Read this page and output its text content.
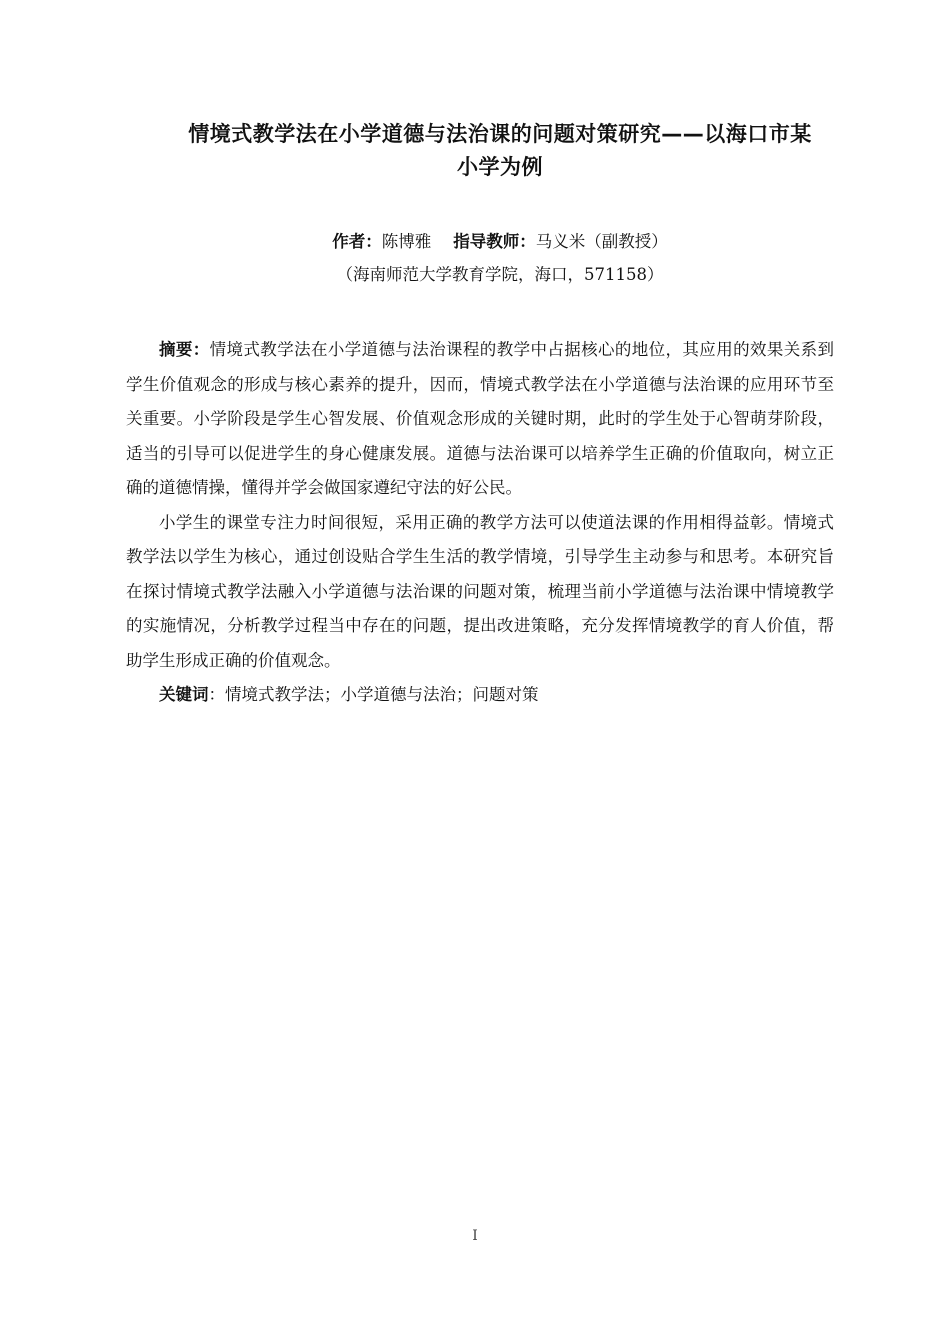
情境式教学法在小学道德与法治课的问题对策研究——以海口市某
小学为例
作者：陈博雅 指导教师：马义米（副教授）
（海南师范大学教育学院，海口，571158）

摘要：情境式教学法在小学道德与法治课程的教学中占据核心的地位，其应用的效果关系到学生价值观念的形成与核心素养的提升，因而，情境式教学法在小学道德与法治课的应用环节至关重要。小学阶段是学生心智发展、价值观念形成的关键时期，此时的学生处于心智萌芽阶段，适当的引导可以促进学生的身心健康发展。道德与法治课可以培养学生正确的价值取向，树立正确的道德情操，懂得并学会做国家遵纪守法的好公民。

小学生的课堂专注力时间很短，采用正确的教学方法可以使道法课的作用相得益彰。情境式教学法以学生为核心，通过创设贴合学生生活的教学情境，引导学生主动参与和思考。本研究旨在探讨情境式教学法融入小学道德与法治课的问题对策，梳理当前小学道德与法治课中情境教学的实施情况，分析教学过程当中存在的问题，提出改进策略，充分发挥情境教学的育人价值，帮助学生形成正确的价值观念。

关键词：情境式教学法；小学道德与法治；问题对策

I
